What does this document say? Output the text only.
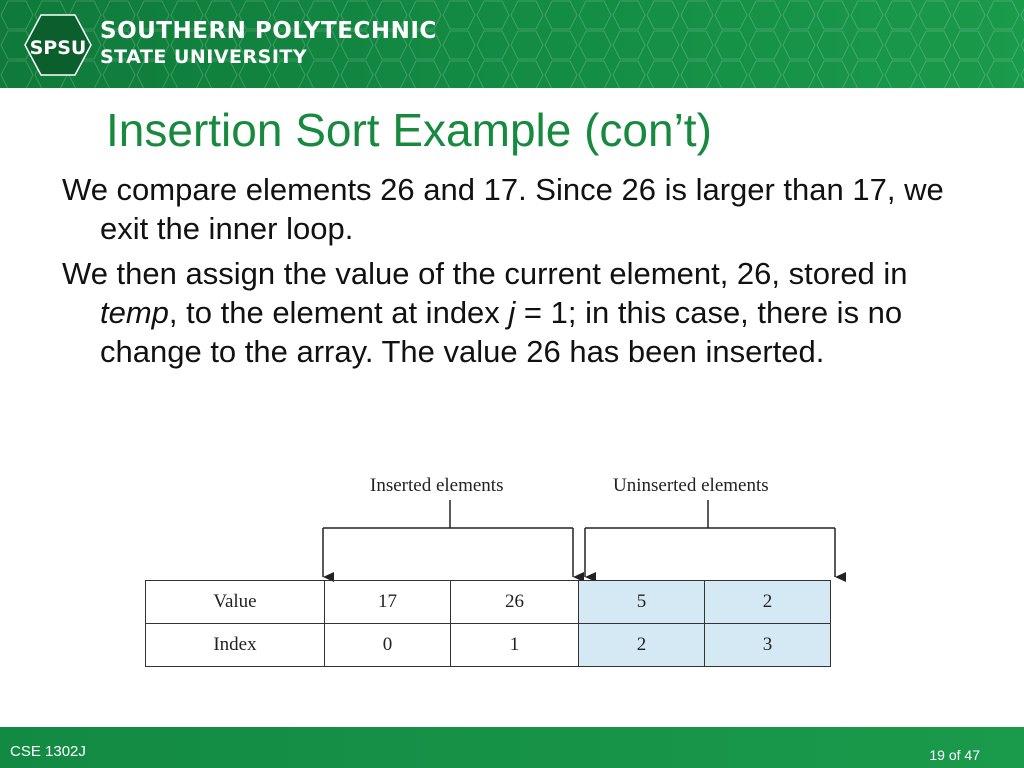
SPSU
SOUTHERN POLYTECHNIC
STATE UNIVERSITY
Insertion Sort Example (con’t)

We compare elements 26 and 17. Since 26 is larger than 17, we exit the inner loop.

We then assign the value of the current element, 26, stored in temp, to the element at index j = 1; in this case, there is no change to the array. The value 26 has been inserted.

Inserted elements	Uninserted elements
Value	17	26	5	2
Index	0	1	2	3
CSE 1302J	19 of 47
